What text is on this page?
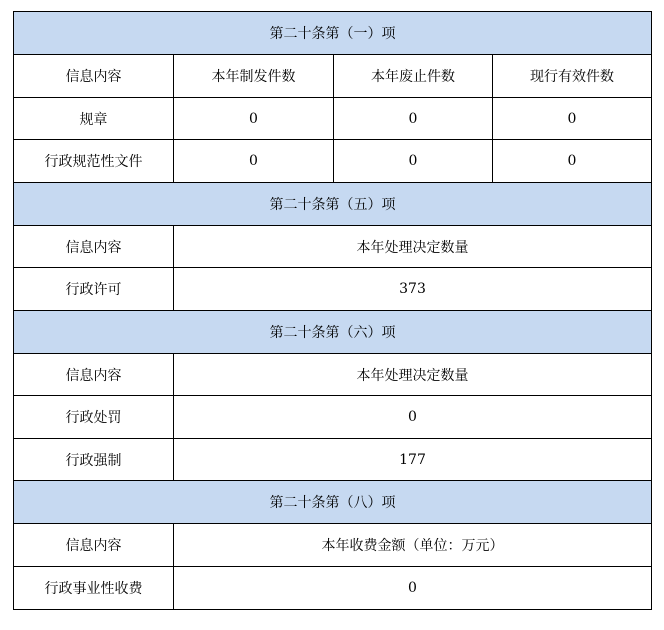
第二十条第（一）项			
信息内容	本年制发件数	本年废止件数	现行有效件数
规章	0	0	0
行政规范性文件	0	0	0
第二十条第（五）项			
信息内容	本年处理决定数量		
行政许可	373		
第二十条第（六）项			
信息内容	本年处理决定数量		
行政处罚	0		
行政强制	177		
第二十条第（八）项			
信息内容	本年收费金额（单位：万元）		
行政事业性收费	0		
